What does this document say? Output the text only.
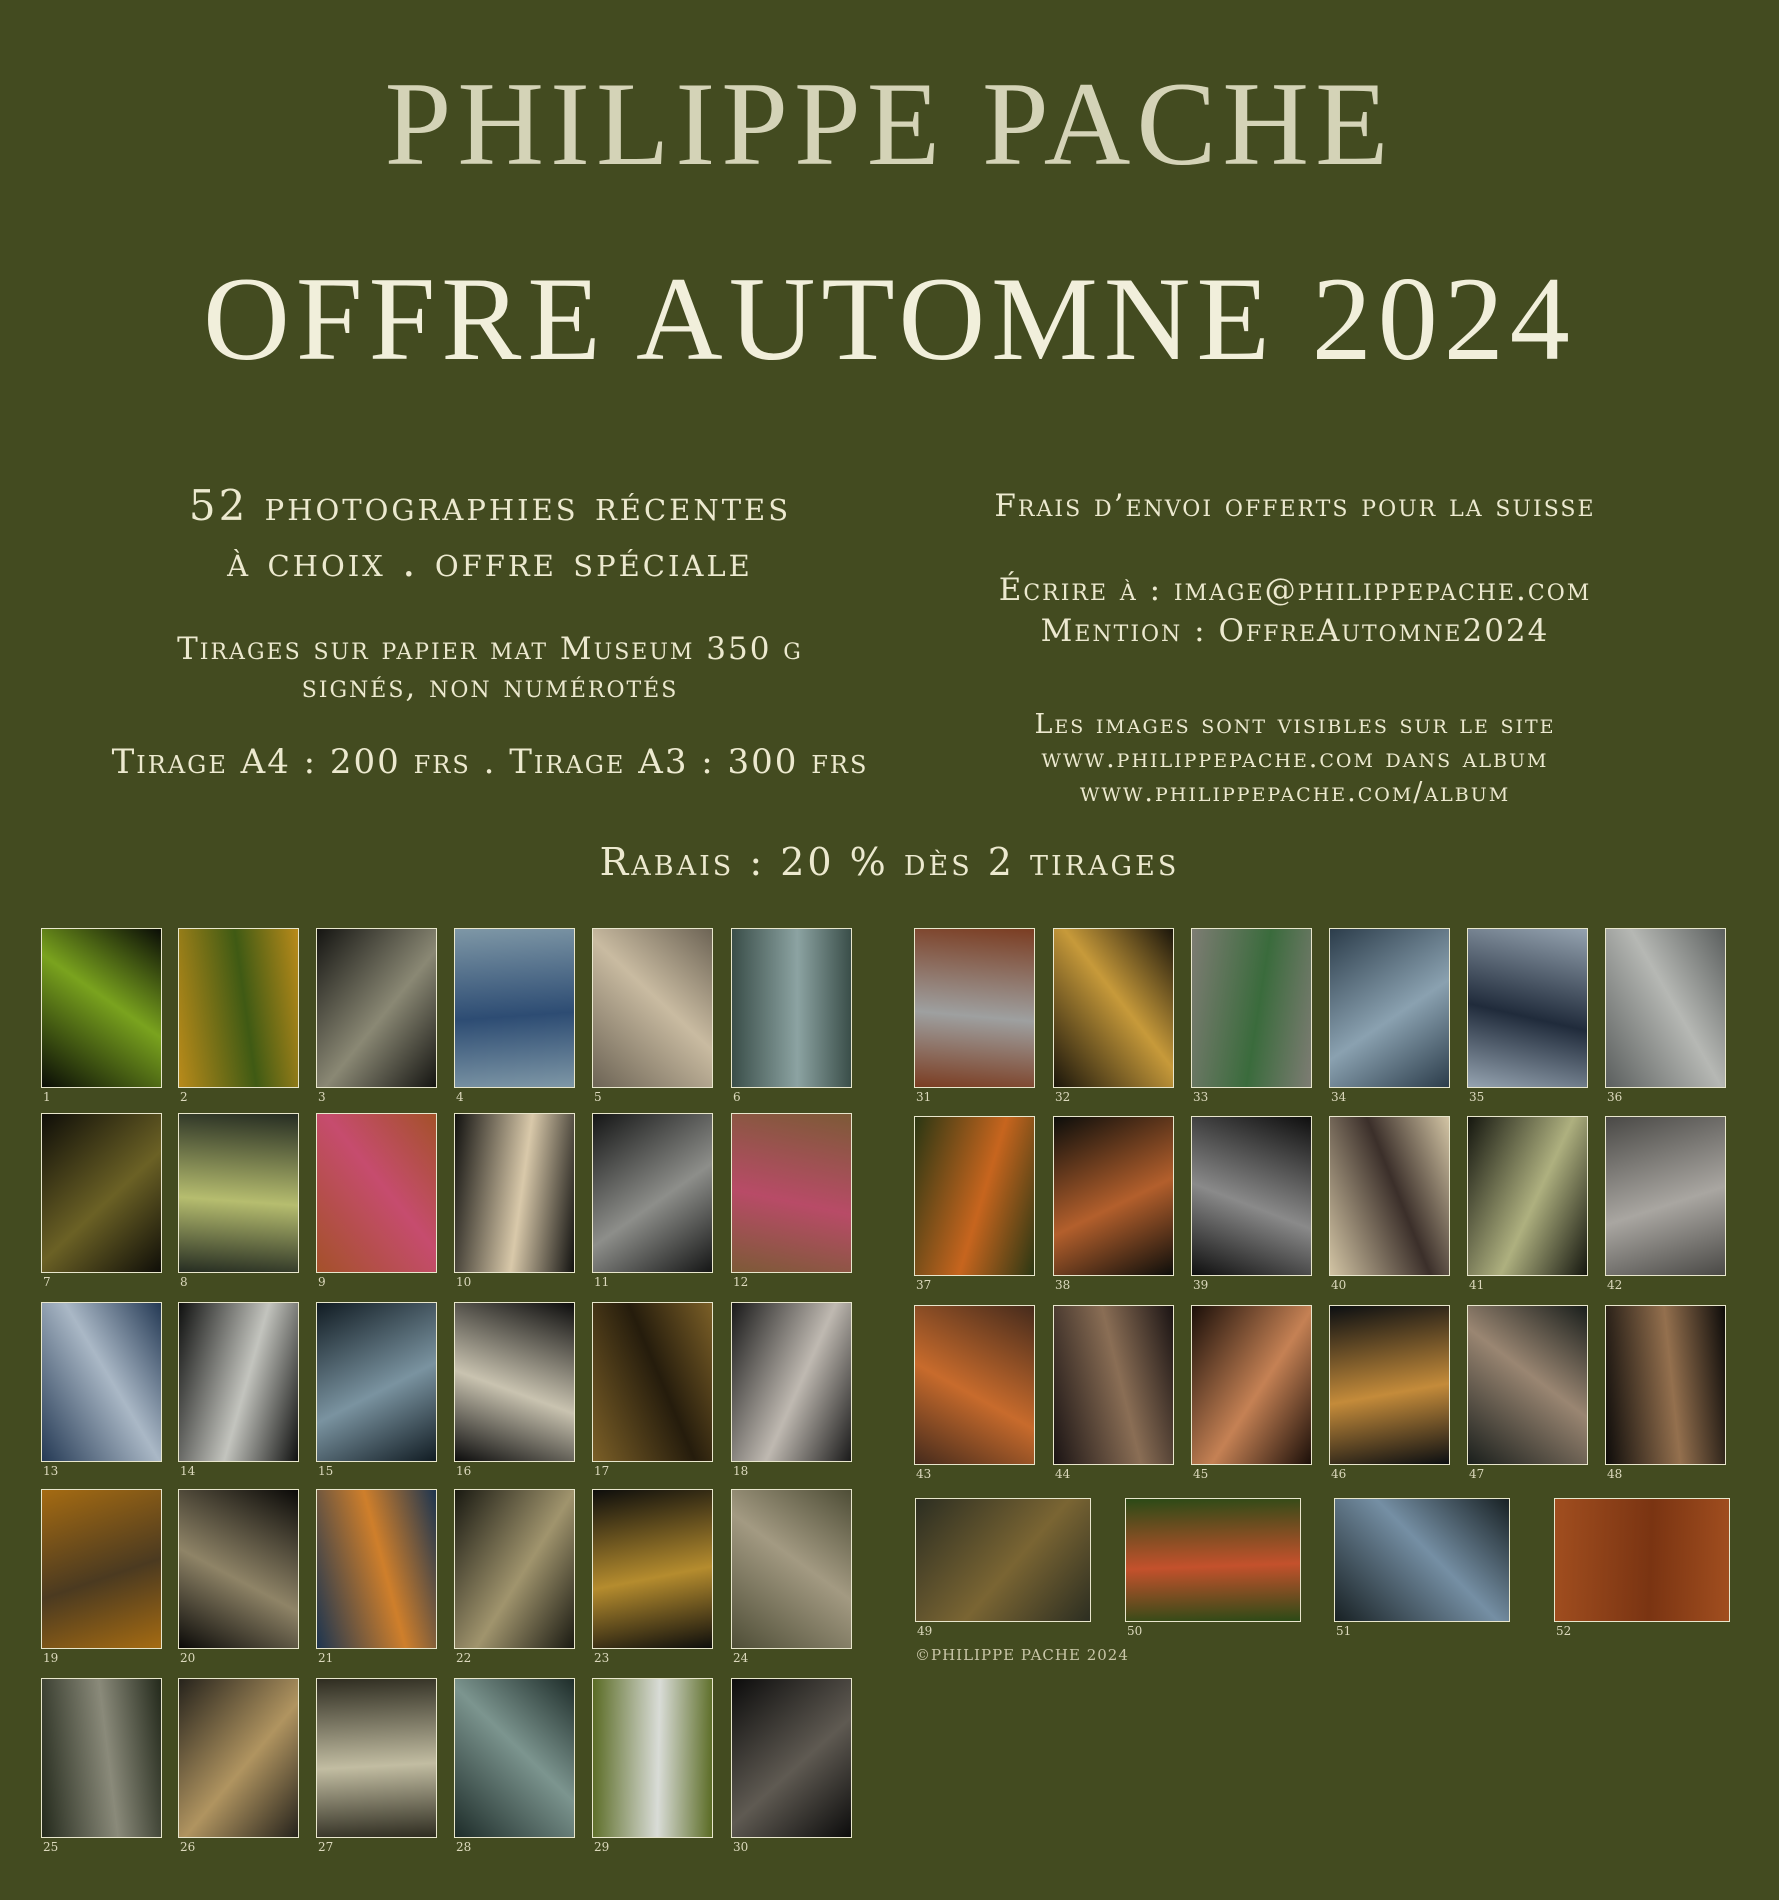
PHILIPPE PACHE
OFFRE AUTOMNE 2024
52 photographies récentes
à choix . offre spéciale
Tirages sur papier mat Museum 350 g
signés, non numérotés
Tirage A4 : 200 frs . Tirage A3 : 300 frs
Frais d’envoi offerts pour la suisse
Écrire à : image@philippepache.com
Mention : OffreAutomne2024
Les images sont visibles sur le site
www.philippepache.com dans album
www.philippepache.com/album
Rabais : 20 % dès 2 tirages
1	2	3	4	5	6
7	8	9	10	11	12
13	14	15	16	17	18
19	20	21	22	23	24
25	26	27	28	29	30
31	32	33	34	35	36
37	38	39	40	41	42
43	44	45	46	47	48
49	50	51	52
©PHILIPPE PACHE 2024
